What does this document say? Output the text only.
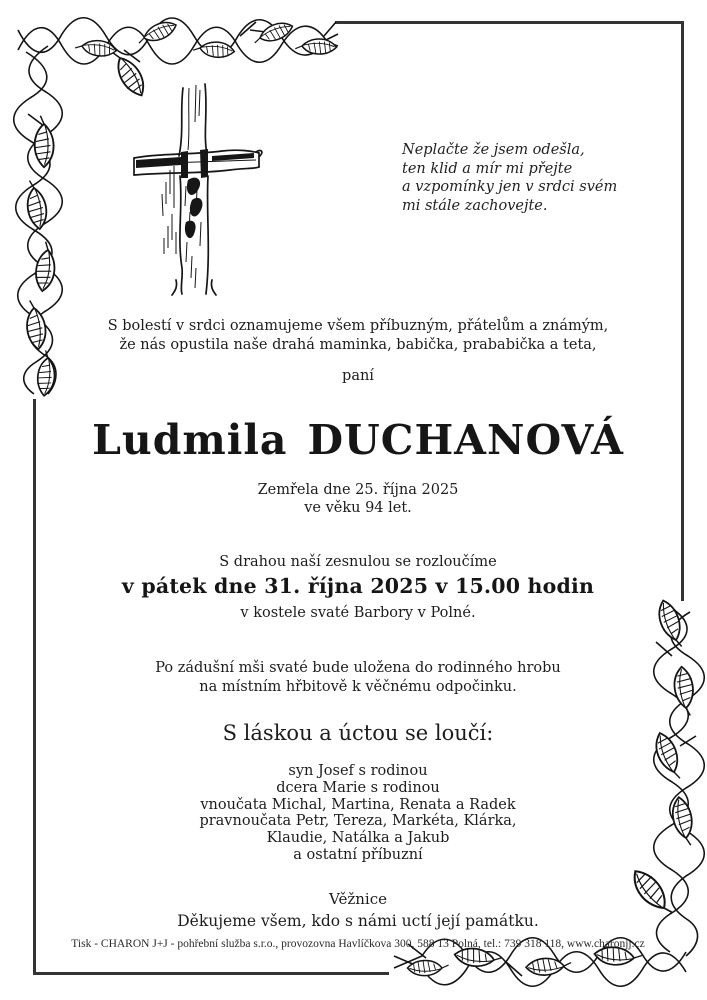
Neplačte že jsem odešla,
ten klid a mír mi přejte
a vzpomínky jen v srdci svém
mi stále zachovejte.
S bolestí v srdci oznamujeme všem příbuzným, přátelům a známým,
že nás opustila naše drahá maminka, babička, prababička a teta,
paní
Ludmila DUCHANOVÁ
Zemřela dne 25. října 2025
ve věku 94 let.
S drahou naší zesnulou se rozloučíme
v pátek dne 31. října 2025 v 15.00 hodin
v kostele svaté Barbory v Polné.
Po zádušní mši svaté bude uložena do rodinného hrobu
na místním hřbitově k věčnému odpočinku.
S láskou a úctou se loučí:
syn Josef s rodinou
dcera Marie s rodinou
vnoučata Michal, Martina, Renata a Radek
pravnoučata Petr, Tereza, Markéta, Klárka,
Klaudie, Natálka a Jakub
a ostatní příbuzní
Věžnice
Děkujeme všem, kdo s námi uctí její památku.
Tisk - CHARON J+J - pohřební služba s.r.o., provozovna Havlíčkova 300, 588 13 Polná, tel.: 739 318 118, www.charonjj.cz
